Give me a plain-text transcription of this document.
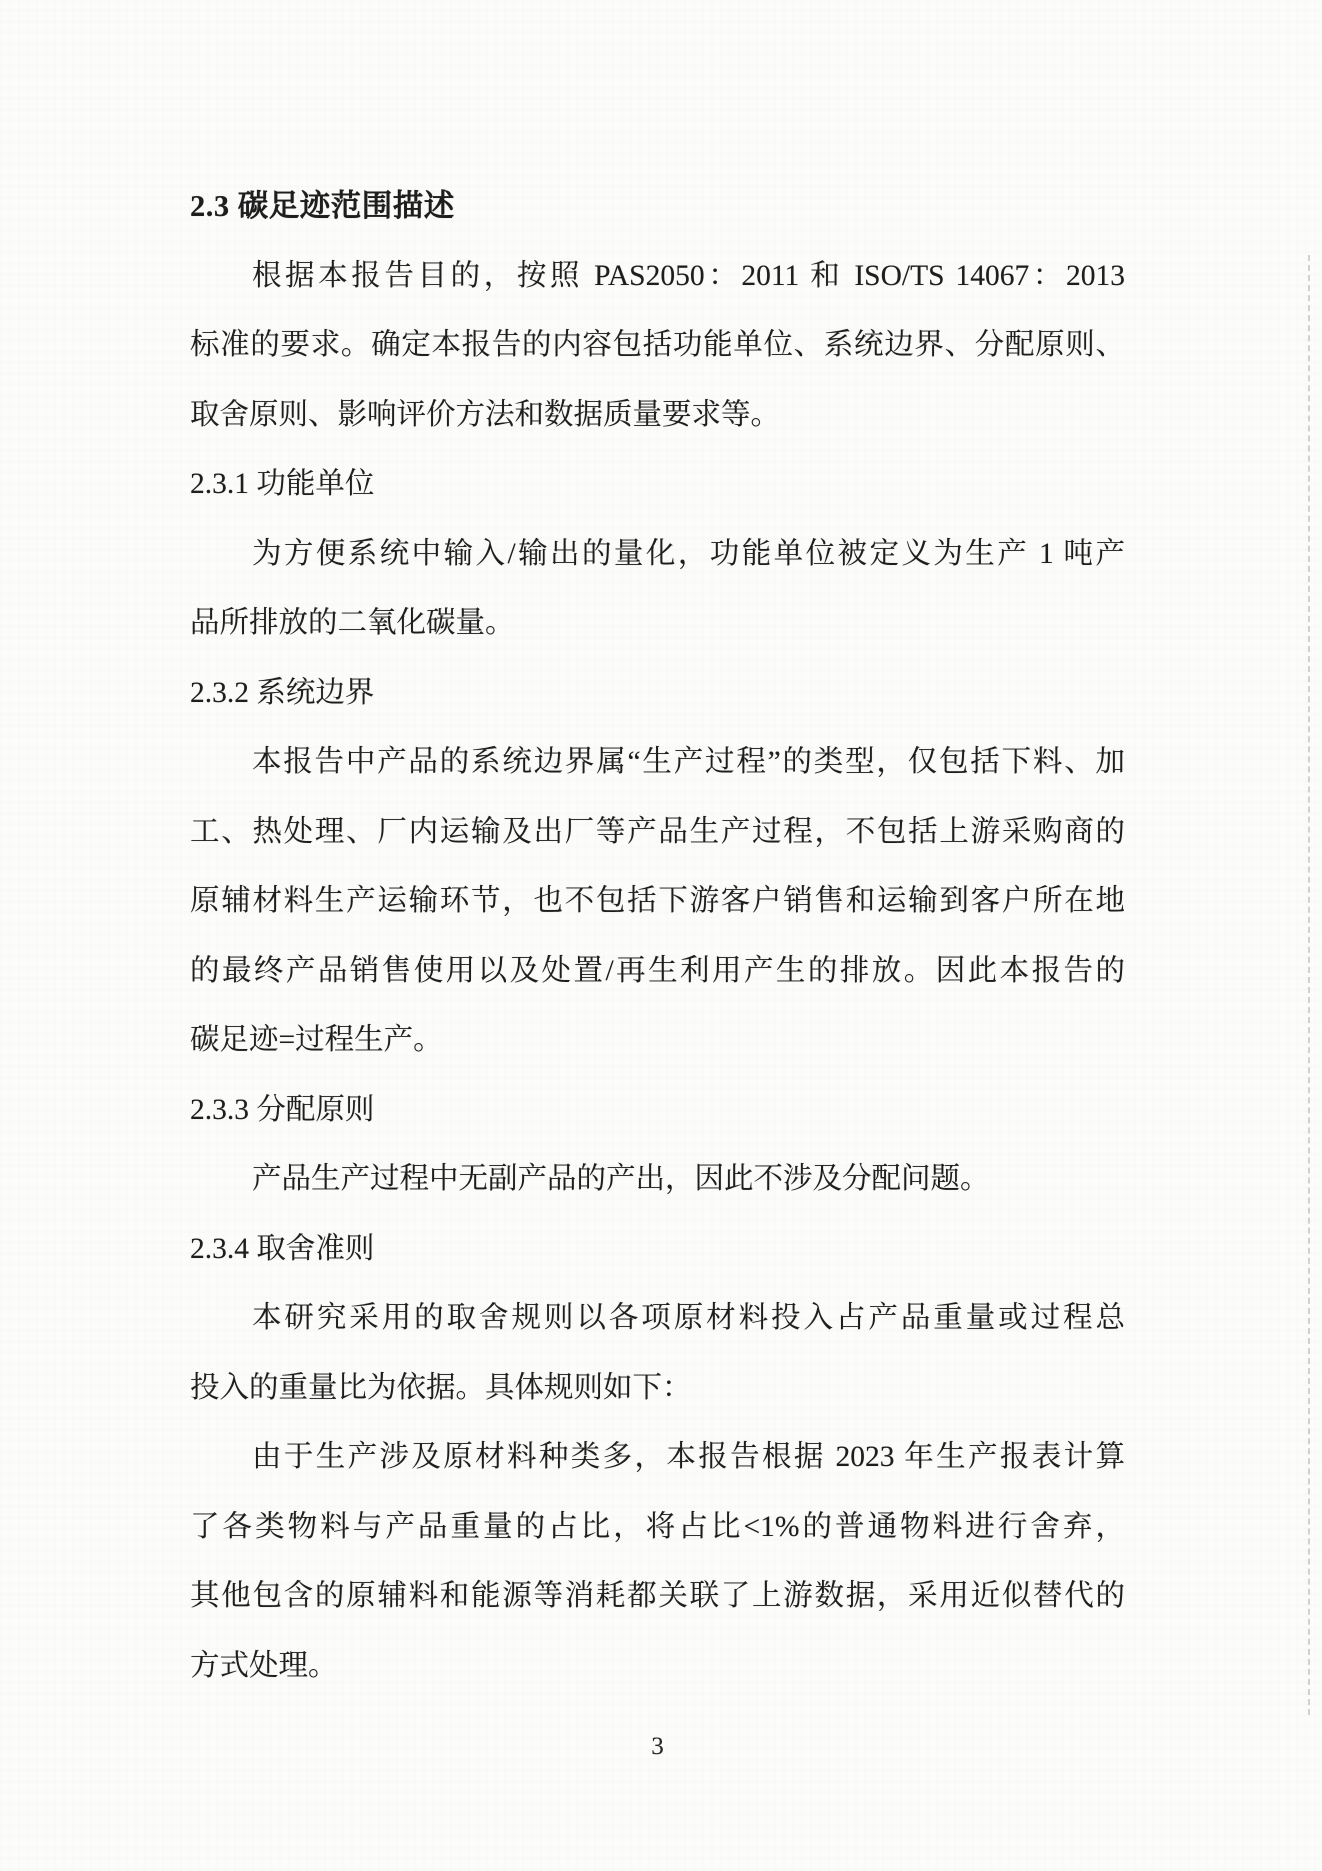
2.3 碳足迹范围描述
根据本报告目的，按照 PAS2050：2011 和 ISO/TS 14067：2013
标准的要求。确定本报告的内容包括功能单位、系统边界、分配原则、
取舍原则、影响评价方法和数据质量要求等。
2.3.1 功能单位
为方便系统中输入/输出的量化，功能单位被定义为生产 1 吨产
品所排放的二氧化碳量。
2.3.2 系统边界
本报告中产品的系统边界属“生产过程”的类型，仅包括下料、加
工、热处理、厂内运输及出厂等产品生产过程，不包括上游采购商的
原辅材料生产运输环节，也不包括下游客户销售和运输到客户所在地
的最终产品销售使用以及处置/再生利用产生的排放。因此本报告的
碳足迹=过程生产。
2.3.3 分配原则
产品生产过程中无副产品的产出，因此不涉及分配问题。
2.3.4 取舍准则
本研究采用的取舍规则以各项原材料投入占产品重量或过程总
投入的重量比为依据。具体规则如下：
由于生产涉及原材料种类多，本报告根据 2023 年生产报表计算
了各类物料与产品重量的占比，将占比<1%的普通物料进行舍弃，
其他包含的原辅料和能源等消耗都关联了上游数据，采用近似替代的
方式处理。
3
